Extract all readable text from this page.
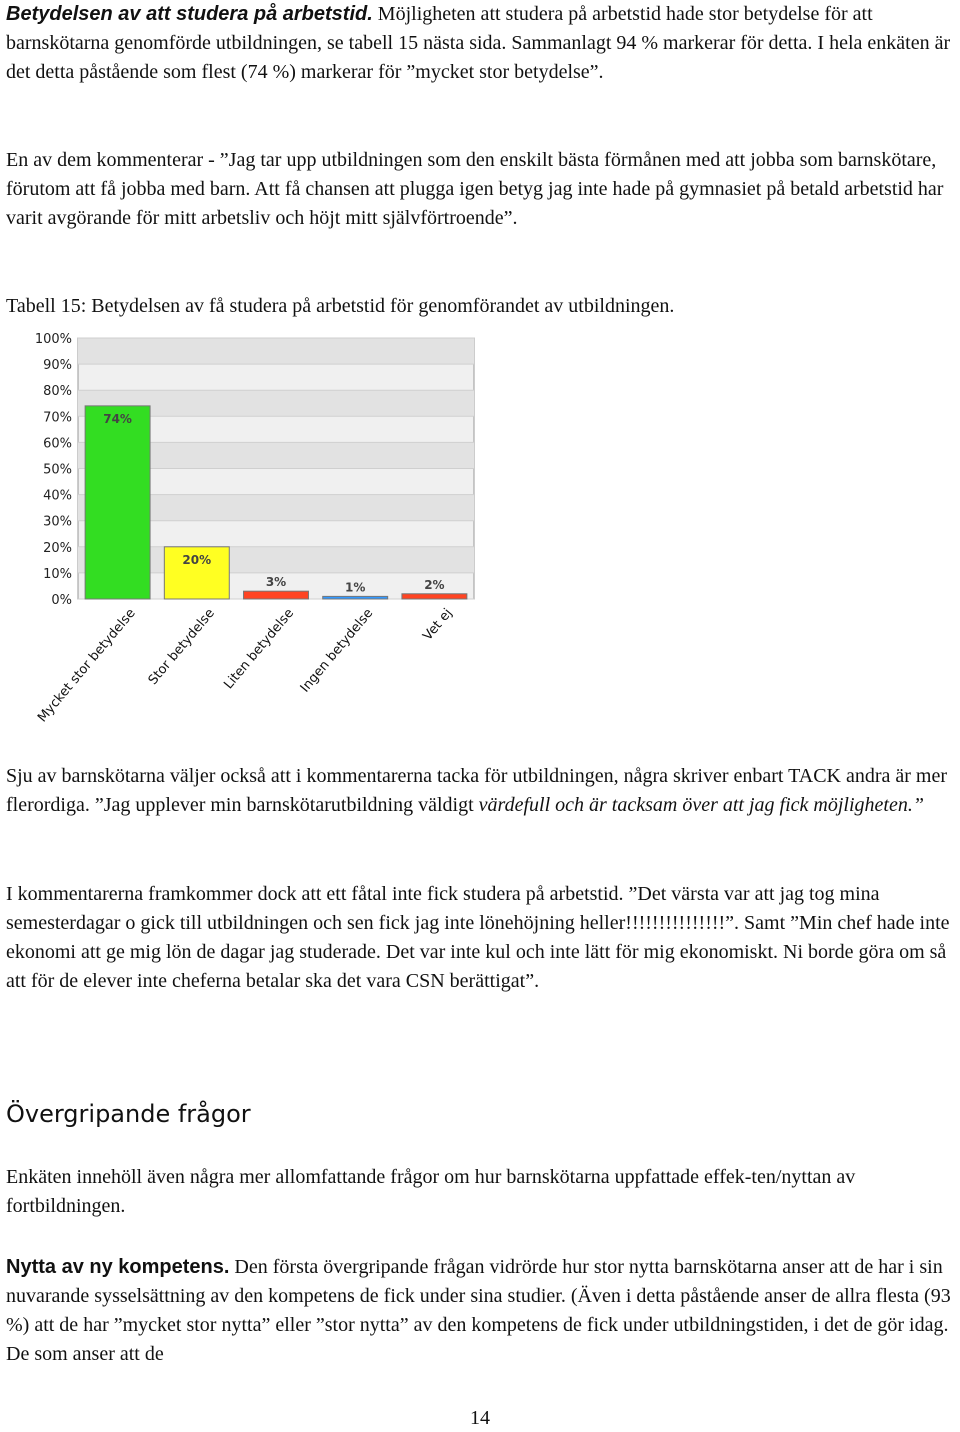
Betydelsen av att studera på arbetstid. Möjligheten att studera på arbetstid hade stor betydelse för att barnskötarna genomförde utbildningen, se tabell 15 nästa sida. Sammanlagt 94 % markerar för detta. I hela enkäten är det detta påstående som flest (74 %) markerar för ”mycket stor betydelse”.

En av dem kommenterar - ”Jag tar upp utbildningen som den enskilt bästa förmånen med att jobba som barnskötare, förutom att få jobba med barn. Att få chansen att plugga igen betyg jag inte hade på gymnasiet på betald arbetstid har varit avgörande för mitt arbetsliv och höjt mitt självförtroende”.

Tabell 15: Betydelsen av få studera på arbetstid för genomförandet av utbildningen.

0%
10%
20%
30%
40%
50%
60%
70%
80%
90%
100%
74%
20%
3%	1%	2%
Mycket stor betydelse Stor betydelse Liten betydelse Ingen betydelse	Vet ej

Sju av barnskötarna väljer också att i kommentarerna tacka för utbildningen, några skriver enbart TACK andra är mer flerordiga. ”Jag upplever min barnskötarutbildning väldigt värdefull och är tacksam över att jag fick möjligheten.”

I kommentarerna framkommer dock att ett fåtal inte fick studera på arbetstid. ”Det värsta var att jag tog mina semesterdagar o gick till utbildningen och sen fick jag inte lönehöjning heller!!!!!!!!!!!!!!!”. Samt ”Min chef hade inte ekonomi att ge mig lön de dagar jag studerade. Det var inte kul och inte lätt för mig ekonomiskt. Ni borde göra om så att för de elever inte cheferna betalar ska det vara CSN berättigat”.

Övergripande frågor

Enkäten innehöll även några mer allomfattande frågor om hur barnskötarna uppfattade effek-ten/nyttan av fortbildningen.

Nytta av ny kompetens. Den första övergripande frågan vidrörde hur stor nytta barnskötarna anser att de har i sin nuvarande sysselsättning av den kompetens de fick under sina studier. (Även i detta påstående anser de allra flesta (93 %) att de har ”mycket stor nytta” eller ”stor nytta” av den kompetens de fick under utbildningstiden, i det de gör idag. De som anser att de

14
